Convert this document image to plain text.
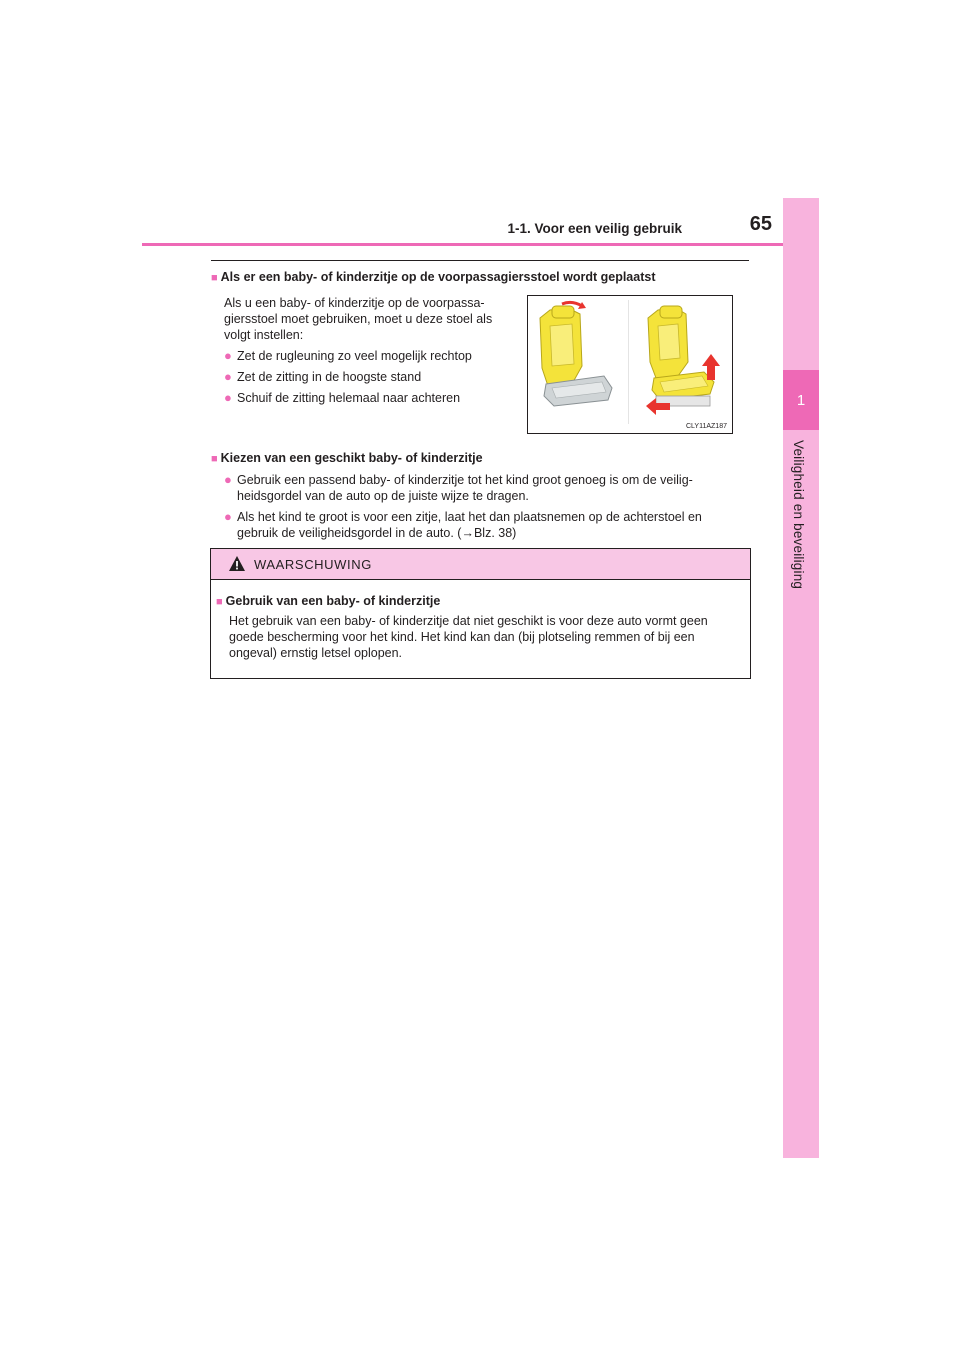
1-1. Voor een veilig gebruik	65
1
Veiligheid en beveiliging
■ Als er een baby- of kinderzitje op de voorpassagiersstoel wordt geplaatst
Als u een baby- of kinderzitje op de voorpassa-
giersstoel moet gebruiken, moet u deze stoel als
volgt instellen:
● Zet de rugleuning zo veel mogelijk rechtop
● Zet de zitting in de hoogste stand
● Schuif de zitting helemaal naar achteren
CLY11AZ187
■ Kiezen van een geschikt baby- of kinderzitje
● Gebruik een passend baby- of kinderzitje tot het kind groot genoeg is om de veilig-
heidsgordel van de auto op de juiste wijze te dragen.
● Als het kind te groot is voor een zitje, laat het dan plaatsnemen op de achterstoel en
gebruik de veiligheidsgordel in de auto. (→Blz. 38)
WAARSCHUWING
■ Gebruik van een baby- of kinderzitje
Het gebruik van een baby- of kinderzitje dat niet geschikt is voor deze auto vormt geen
goede bescherming voor het kind. Het kind kan dan (bij plotseling remmen of bij een
ongeval) ernstig letsel oplopen.
